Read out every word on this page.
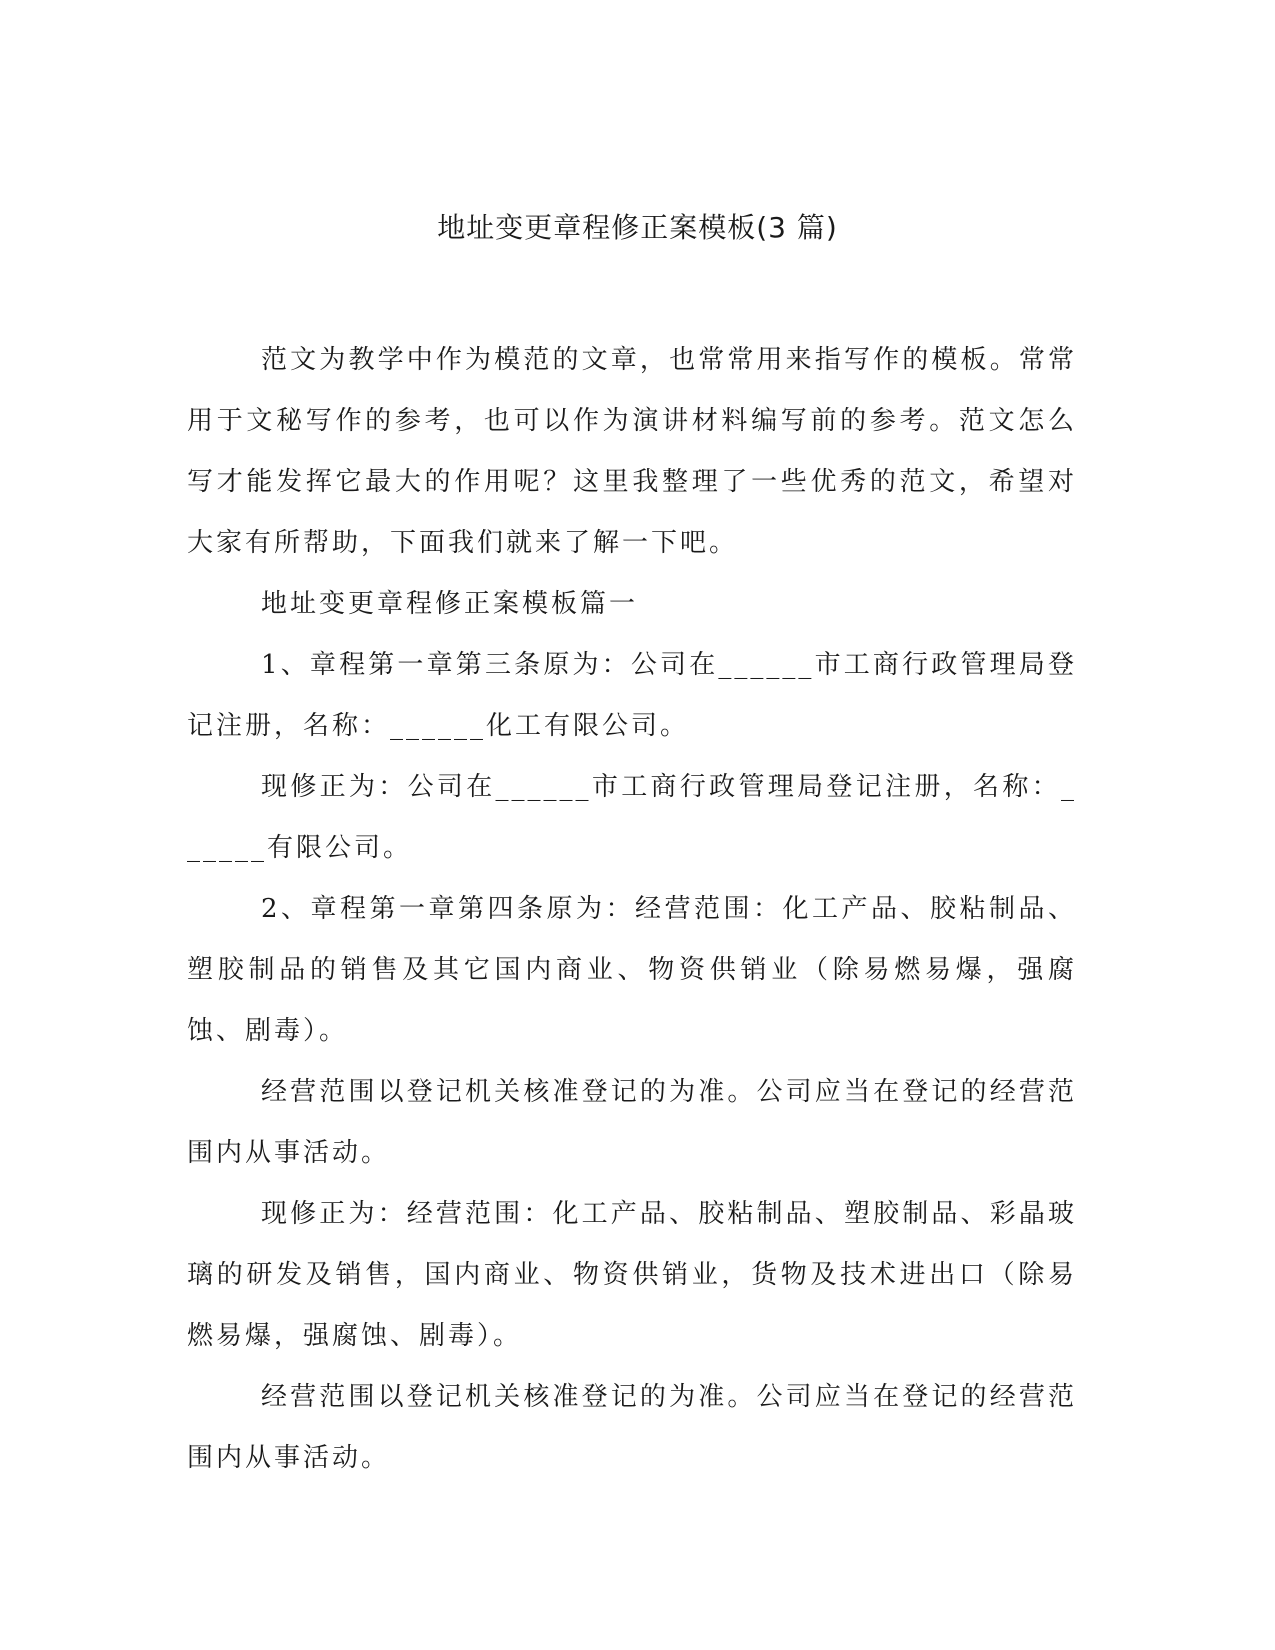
地址变更章程修正案模板(3 篇)

范文为教学中作为模范的文章，也常常用来指写作的模板。常常用于文秘写作的参考，也可以作为演讲材料编写前的参考。范文怎么写才能发挥它最大的作用呢？这里我整理了一些优秀的范文，希望对大家有所帮助，下面我们就来了解一下吧。

地址变更章程修正案模板篇一

1、章程第一章第三条原为：公司在______市工商行政管理局登记注册，名称：______化工有限公司。

现修正为：公司在______市工商行政管理局登记注册，名称：______有限公司。

2、章程第一章第四条原为：经营范围：化工产品、胶粘制品、塑胶制品的销售及其它国内商业、物资供销业（除易燃易爆，强腐蚀、剧毒）。

经营范围以登记机关核准登记的为准。公司应当在登记的经营范围内从事活动。

现修正为：经营范围：化工产品、胶粘制品、塑胶制品、彩晶玻璃的研发及销售，国内商业、物资供销业，货物及技术进出口（除易燃易爆，强腐蚀、剧毒）。

经营范围以登记机关核准登记的为准。公司应当在登记的经营范围内从事活动。
